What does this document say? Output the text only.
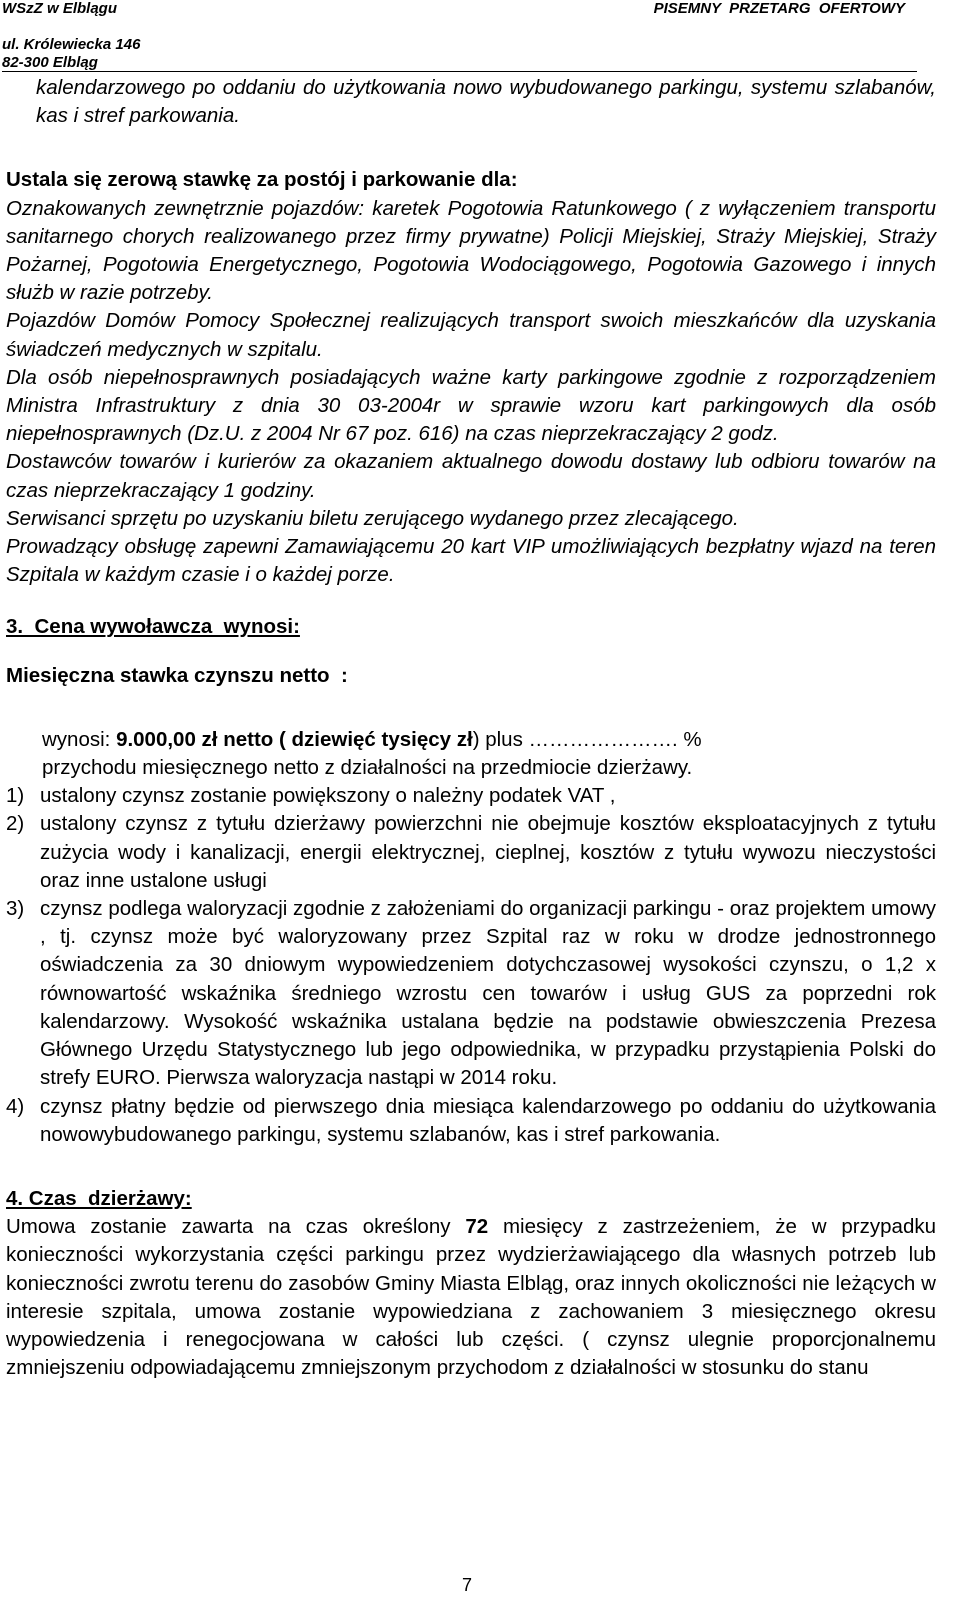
WSzZ w Elblągu	PISEMNY  PRZETARG  OFERTOWY
ul. Królewiecka 146
82-300 Elbląg

kalendarzowego po oddaniu do użytkowania nowo wybudowanego parkingu, systemu szlabanów, kas i stref parkowania.

Ustala się zerową stawkę za postój i parkowanie dla:

Oznakowanych zewnętrznie pojazdów: karetek Pogotowia Ratunkowego ( z wyłączeniem transportu sanitarnego chorych realizowanego przez firmy prywatne) Policji Miejskiej, Straży Miejskiej, Straży Pożarnej, Pogotowia Energetycznego, Pogotowia Wodociągowego, Pogotowia Gazowego i innych służb w razie potrzeby.

Pojazdów Domów Pomocy Społecznej realizujących transport swoich mieszkańców dla uzyskania świadczeń medycznych w szpitalu.

Dla osób niepełnosprawnych posiadających ważne karty parkingowe zgodnie z rozporządzeniem Ministra Infrastruktury z dnia 30 03-2004r w sprawie wzoru kart parkingowych dla osób niepełnosprawnych (Dz.U. z 2004 Nr 67 poz. 616) na czas nieprzekraczający 2 godz.

Dostawców towarów i kurierów za okazaniem aktualnego dowodu dostawy lub odbioru towarów na czas nieprzekraczający 1 godziny.

Serwisanci sprzętu po uzyskaniu biletu zerującego wydanego przez zlecającego.

Prowadzący obsługę zapewni Zamawiającemu 20 kart VIP umożliwiających bezpłatny wjazd na teren Szpitala w każdym czasie i o każdej porze.

3.  Cena wywoławcza  wynosi:

Miesięczna stawka czynszu netto  :

wynosi: 9.000,00 zł netto ( dziewięć tysięcy zł) plus …………………. %

przychodu miesięcznego netto z działalności na przedmiocie dzierżawy.

1) ustalony czynsz zostanie powiększony o należny podatek VAT ,
2) ustalony czynsz z tytułu dzierżawy powierzchni nie obejmuje kosztów eksploatacyjnych z tytułu zużycia wody i kanalizacji, energii elektrycznej, cieplnej, kosztów z tytułu wywozu nieczystości oraz inne ustalone usługi
3) czynsz podlega waloryzacji zgodnie z założeniami do organizacji parkingu - oraz projektem umowy , tj. czynsz może być waloryzowany przez Szpital raz w roku w drodze jednostronnego oświadczenia za 30 dniowym wypowiedzeniem dotychczasowej wysokości czynszu, o 1,2 x równowartość wskaźnika średniego wzrostu cen towarów i usług GUS za poprzedni rok kalendarzowy. Wysokość wskaźnika ustalana będzie na podstawie obwieszczenia Prezesa Głównego Urzędu Statystycznego lub jego odpowiednika, w przypadku przystąpienia Polski do strefy EURO. Pierwsza waloryzacja nastąpi w 2014 roku.
4) czynsz płatny będzie od pierwszego dnia miesiąca kalendarzowego po oddaniu do użytkowania nowowybudowanego parkingu, systemu szlabanów, kas i stref parkowania.

4. Czas  dzierżawy:

Umowa zostanie zawarta na czas określony 72 miesięcy z zastrzeżeniem, że w przypadku konieczności wykorzystania części parkingu przez wydzierżawiającego dla własnych potrzeb lub konieczności zwrotu terenu do zasobów Gminy Miasta Elbląg, oraz innych okoliczności nie leżących w interesie szpitala, umowa zostanie wypowiedziana z zachowaniem 3 miesięcznego okresu wypowiedzenia i renegocjowana w całości lub części. ( czynsz ulegnie proporcjonalnemu zmniejszeniu odpowiadającemu zmniejszonym przychodom z działalności w stosunku do stanu

7
